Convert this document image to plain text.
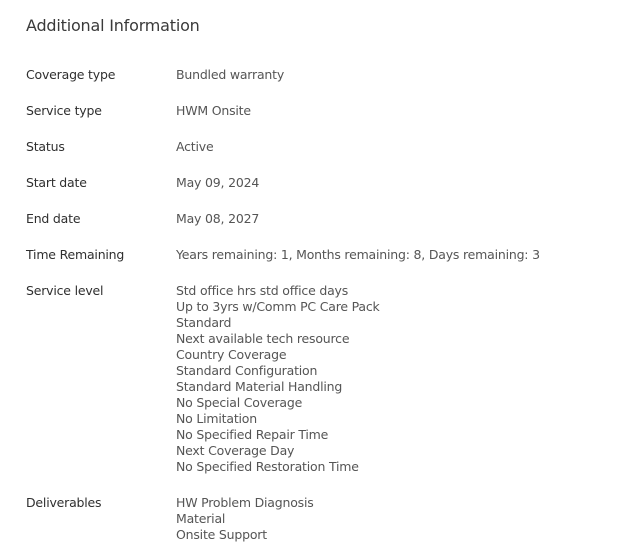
Additional Information
Coverage type	Bundled warranty
Service type	HWM Onsite
Status	Active
Start date	May 09, 2024
End date	May 08, 2027
Time Remaining	Years remaining: 1, Months remaining: 8, Days remaining: 3
Service level	Std office hrs std office days
Up to 3yrs w/Comm PC Care Pack
Standard
Next available tech resource
Country Coverage
Standard Configuration
Standard Material Handling
No Special Coverage
No Limitation
No Specified Repair Time
Next Coverage Day
No Specified Restoration Time
Deliverables	HW Problem Diagnosis
Material
Onsite Support
